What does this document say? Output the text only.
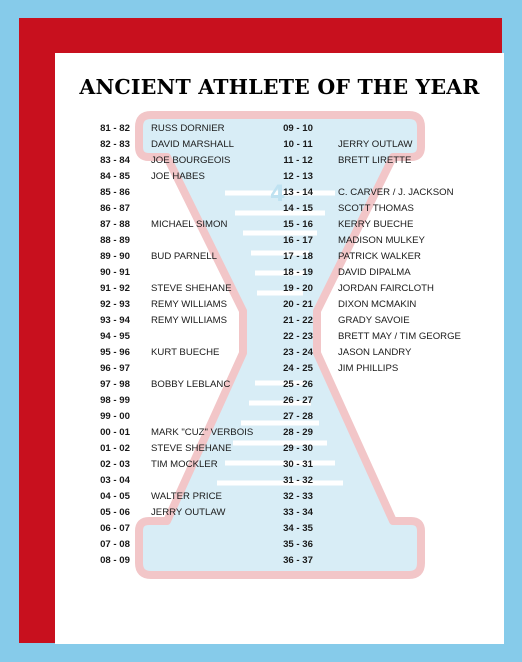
4
ANCIENT ATHLETE OF THE YEAR
81 - 82
82 - 83
83 - 84
84 - 85
85 - 86
86 - 87
87 - 88
88 - 89
89 - 90
90 - 91
91 - 92
92 - 93
93 - 94
94 - 95
95 - 96
96 - 97
97 - 98
98 - 99
99 - 00
00 - 01
01 - 02
02 - 03
03 - 04
04 - 05
05 - 06
06 - 07
07 - 08
08 - 09
RUSS DORNIER
DAVID MARSHALL
JOE BOURGEOIS
JOE HABES
MICHAEL SIMON
BUD PARNELL
STEVE SHEHANE
REMY WILLIAMS
REMY WILLIAMS
KURT BUECHE
BOBBY LEBLANC
MARK "CUZ" VERBOIS
STEVE SHEHANE
TIM MOCKLER
WALTER PRICE
JERRY OUTLAW
09 - 10
10 - 11
11 - 12
12 - 13
13 - 14
14 - 15
15 - 16
16 - 17
17 - 18
18 - 19
19 - 20
20 - 21
21 - 22
22 - 23
23 - 24
24 - 25
25 - 26
26 - 27
27 - 28
28 - 29
29 - 30
30 - 31
31 - 32
32 - 33
33 - 34
34 - 35
35 - 36
36 - 37
JERRY OUTLAW
BRETT LIRETTE
C. CARVER / J. JACKSON
SCOTT THOMAS
KERRY BUECHE
MADISON MULKEY
PATRICK WALKER
DAVID DIPALMA
JORDAN FAIRCLOTH
DIXON MCMAKIN
GRADY SAVOIE
BRETT MAY / TIM GEORGE
JASON LANDRY
JIM PHILLIPS
